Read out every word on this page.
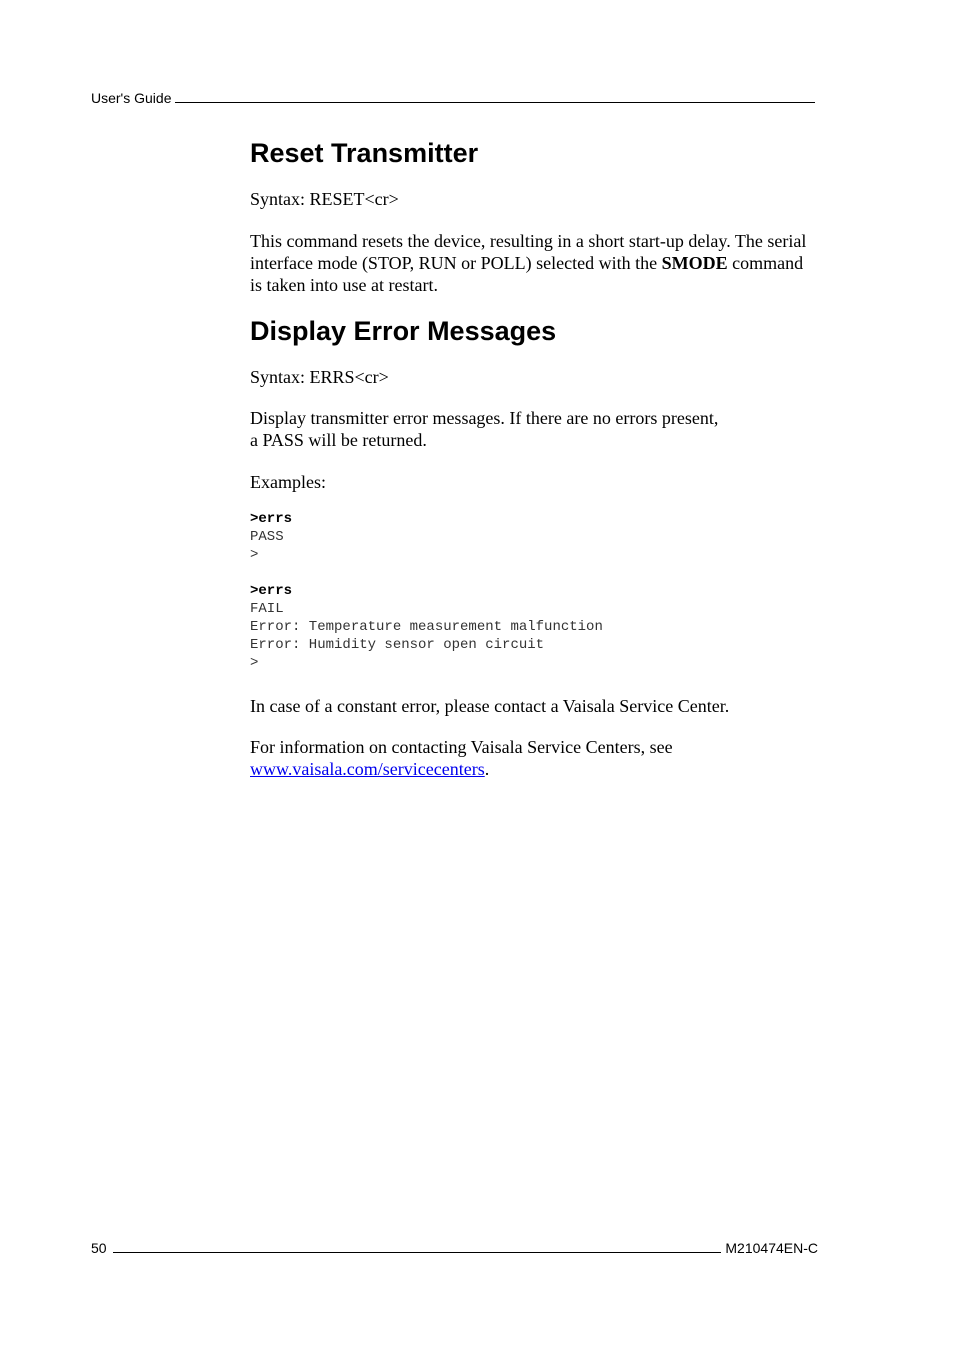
User's Guide
Reset Transmitter

Syntax: RESET<cr>

This command resets the device, resulting in a short start-up delay. The serial interface mode (STOP, RUN or POLL) selected with the SMODE command is taken into use at restart.

Display Error Messages

Syntax: ERRS<cr>

Display transmitter error messages. If there are no errors present,
a PASS will be returned.

Examples:

>errs
PASS
>
>errs
FAIL
Error: Temperature measurement malfunction
Error: Humidity sensor open circuit
>

In case of a constant error, please contact a Vaisala Service Center.

For information on contacting Vaisala Service Centers, see
www.vaisala.com/servicecenters.

50	M210474EN-C
